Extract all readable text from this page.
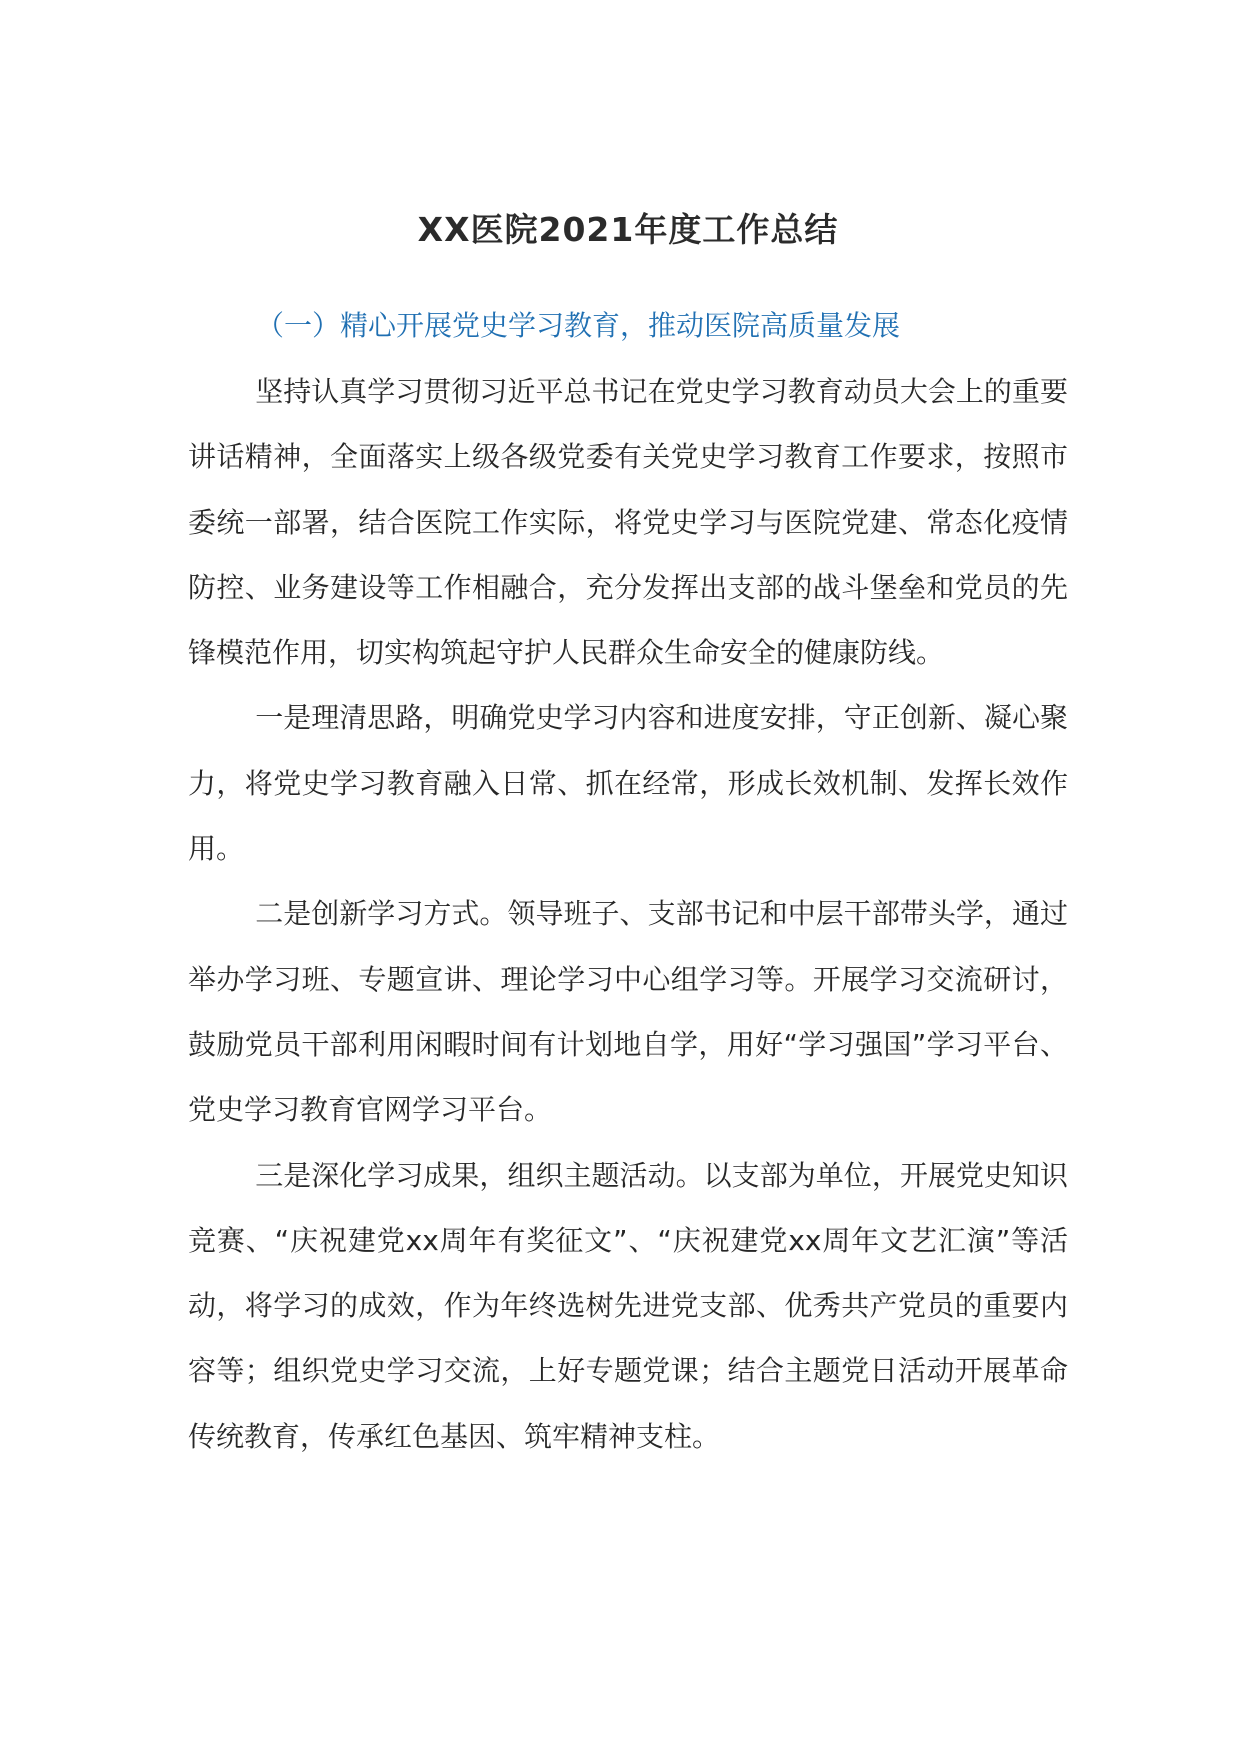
XX医院2021年度工作总结
（一）精心开展党史学习教育，推动医院高质量发展

坚持认真学习贯彻习近平总书记在党史学习教育动员大会上的重要讲话精神，全面落实上级各级党委有关党史学习教育工作要求，按照市委统一部署，结合医院工作实际，将党史学习与医院党建、常态化疫情防控、业务建设等工作相融合，充分发挥出支部的战斗堡垒和党员的先锋模范作用，切实构筑起守护人民群众生命安全的健康防线。

一是理清思路，明确党史学习内容和进度安排，守正创新、凝心聚力，将党史学习教育融入日常、抓在经常，形成长效机制、发挥长效作用。

二是创新学习方式。领导班子、支部书记和中层干部带头学，通过举办学习班、专题宣讲、理论学习中心组学习等。开展学习交流研讨，鼓励党员干部利用闲暇时间有计划地自学，用好“学习强国”学习平台、党史学习教育官网学习平台。

三是深化学习成果，组织主题活动。以支部为单位，开展党史知识竞赛、“庆祝建党xx周年有奖征文”、“庆祝建党xx周年文艺汇演”等活动，将学习的成效，作为年终选树先进党支部、优秀共产党员的重要内容等；组织党史学习交流，上好专题党课；结合主题党日活动开展革命传统教育，传承红色基因、筑牢精神支柱。
